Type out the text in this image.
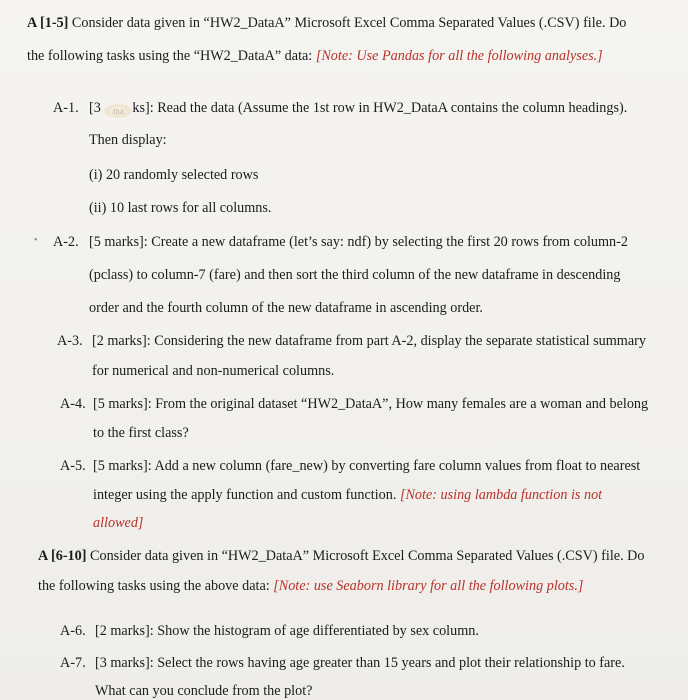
A [1-5] Consider data given in “HW2_DataA” Microsoft Excel Comma Separated Values (.CSV) file. Do
the following tasks using the “HW2_DataA” data: [Note: Use Pandas for all the following analyses.]
A-1. [3 ma ks]: Read the data (Assume the 1st row in HW2_DataA contains the column headings).
Then display:
(i) 20 randomly selected rows
(ii) 10 last rows for all columns.
• A-2. [5 marks]: Create a new dataframe (let’s say: ndf) by selecting the first 20 rows from column-2
(pclass) to column-7 (fare) and then sort the third column of the new dataframe in descending
order and the fourth column of the new dataframe in ascending order.
A-3. [2 marks]: Considering the new dataframe from part A-2, display the separate statistical summary
for numerical and non-numerical columns.
A-4. [5 marks]: From the original dataset “HW2_DataA”, How many females are a woman and belong
to the first class?
A-5. [5 marks]: Add a new column (fare_new) by converting fare column values from float to nearest
integer using the apply function and custom function. [Note: using lambda function is not
allowed]
A [6-10] Consider data given in “HW2_DataA” Microsoft Excel Comma Separated Values (.CSV) file. Do
the following tasks using the above data: [Note: use Seaborn library for all the following plots.]
A-6. [2 marks]: Show the histogram of age differentiated by sex column.
A-7. [3 marks]: Select the rows having age greater than 15 years and plot their relationship to fare.
What can you conclude from the plot?
